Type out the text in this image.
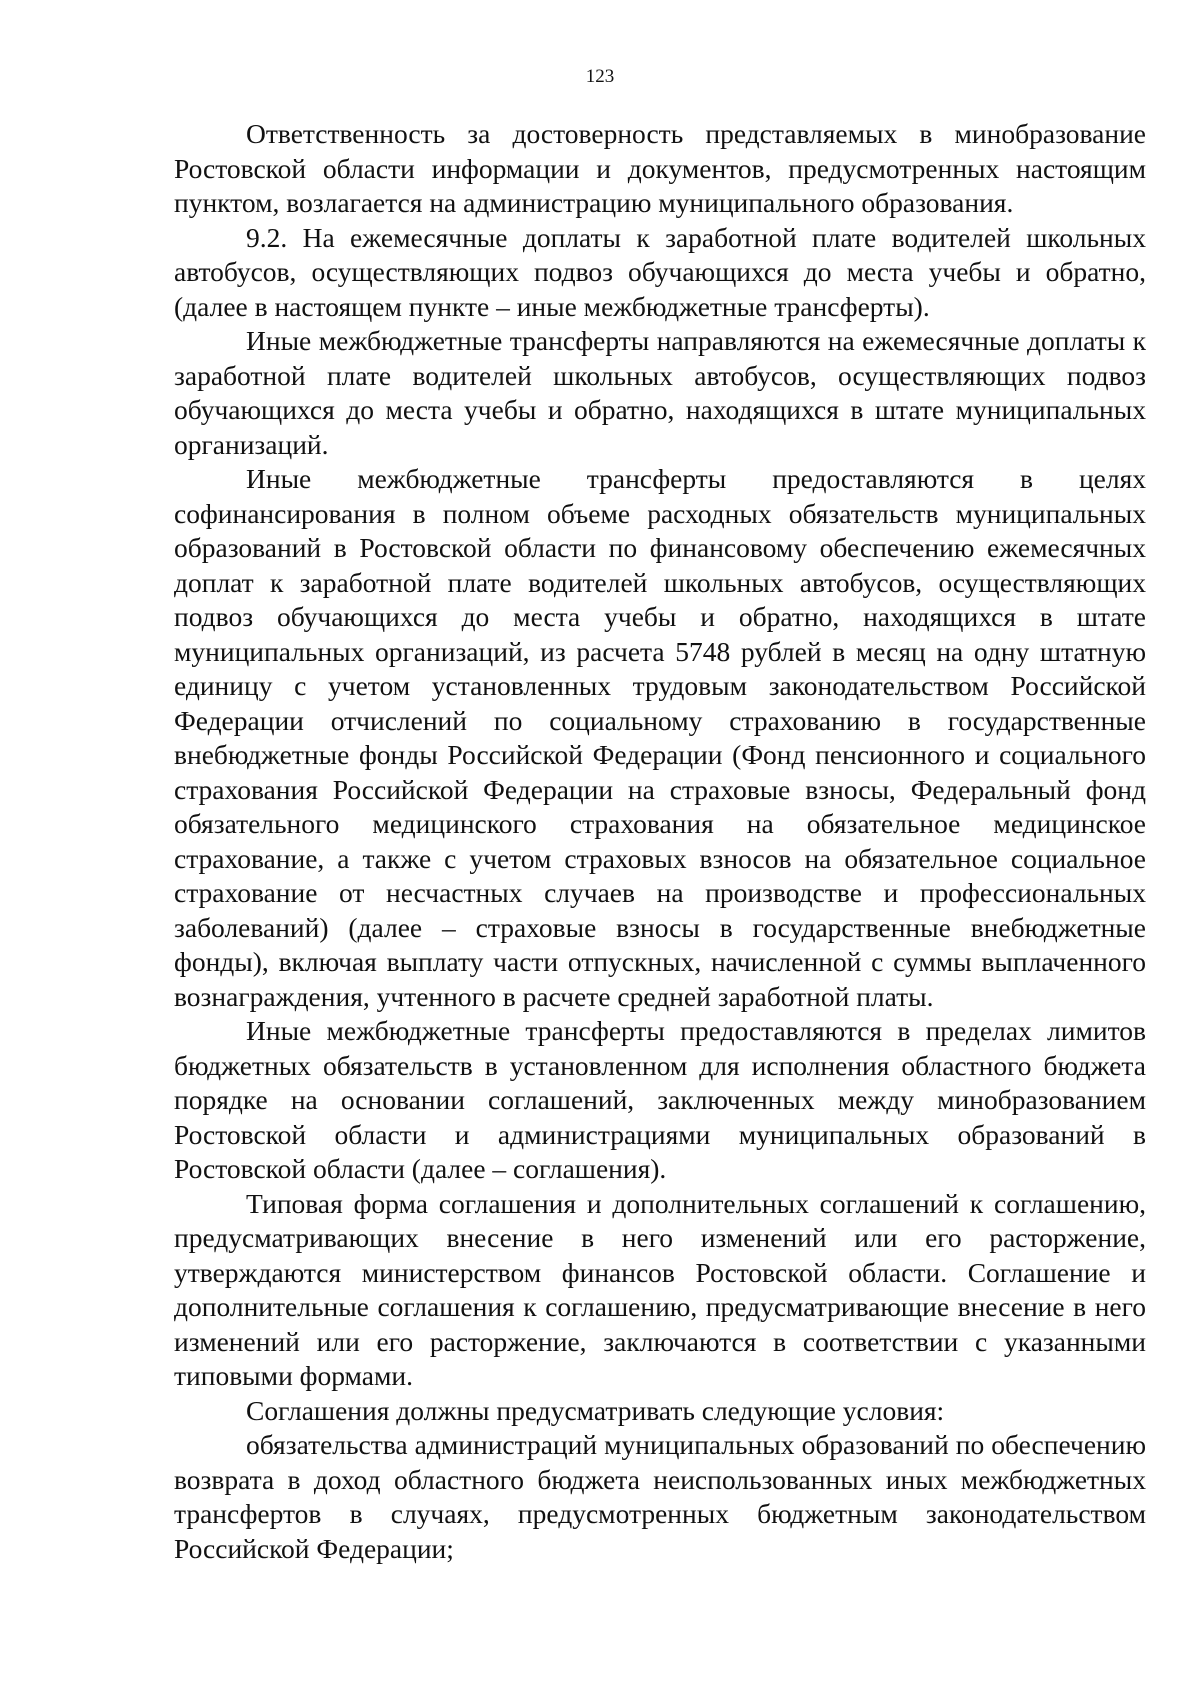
123

Ответственность за достоверность представляемых в минобразование Ростовской области информации и документов, предусмотренных настоящим пунктом, возлагается на администрацию муниципального образования.

9.2. На ежемесячные доплаты к заработной плате водителей школьных автобусов, осуществляющих подвоз обучающихся до места учебы и обратно, (далее в настоящем пункте – иные межбюджетные трансферты).

Иные межбюджетные трансферты направляются на ежемесячные доплаты к заработной плате водителей школьных автобусов, осуществляющих подвоз обучающихся до места учебы и обратно, находящихся в штате муниципальных организаций.

Иные межбюджетные трансферты предоставляются в целях софинансирования в полном объеме расходных обязательств муниципальных образований в Ростовской области по финансовому обеспечению ежемесячных доплат к заработной плате водителей школьных автобусов, осуществляющих подвоз обучающихся до места учебы и обратно, находящихся в штате муниципальных организаций, из расчета 5748 рублей в месяц на одну штатную единицу с учетом установленных трудовым законодательством Российской Федерации отчислений по социальному страхованию в государственные внебюджетные фонды Российской Федерации (Фонд пенсионного и социального страхования Российской Федерации на страховые взносы, Федеральный фонд обязательного медицинского страхования на обязательное медицинское страхование, а также с учетом страховых взносов на обязательное социальное страхование от несчастных случаев на производстве и профессиональных заболеваний) (далее – страховые взносы в государственные внебюджетные фонды), включая выплату части отпускных, начисленной с суммы выплаченного вознаграждения, учтенного в расчете средней заработной платы.

Иные межбюджетные трансферты предоставляются в пределах лимитов бюджетных обязательств в установленном для исполнения областного бюджета порядке на основании соглашений, заключенных между минобразованием Ростовской области и администрациями муниципальных образований в Ростовской области (далее – соглашения).

Типовая форма соглашения и дополнительных соглашений к соглашению, предусматривающих внесение в него изменений или его расторжение, утверждаются министерством финансов Ростовской области. Соглашение и дополнительные соглашения к соглашению, предусматривающие внесение в него изменений или его расторжение, заключаются в соответствии с указанными типовыми формами.

Соглашения должны предусматривать следующие условия:

обязательства администраций муниципальных образований по обеспечению возврата в доход областного бюджета неиспользованных иных межбюджетных трансфертов в случаях, предусмотренных бюджетным законодательством Российской Федерации;
